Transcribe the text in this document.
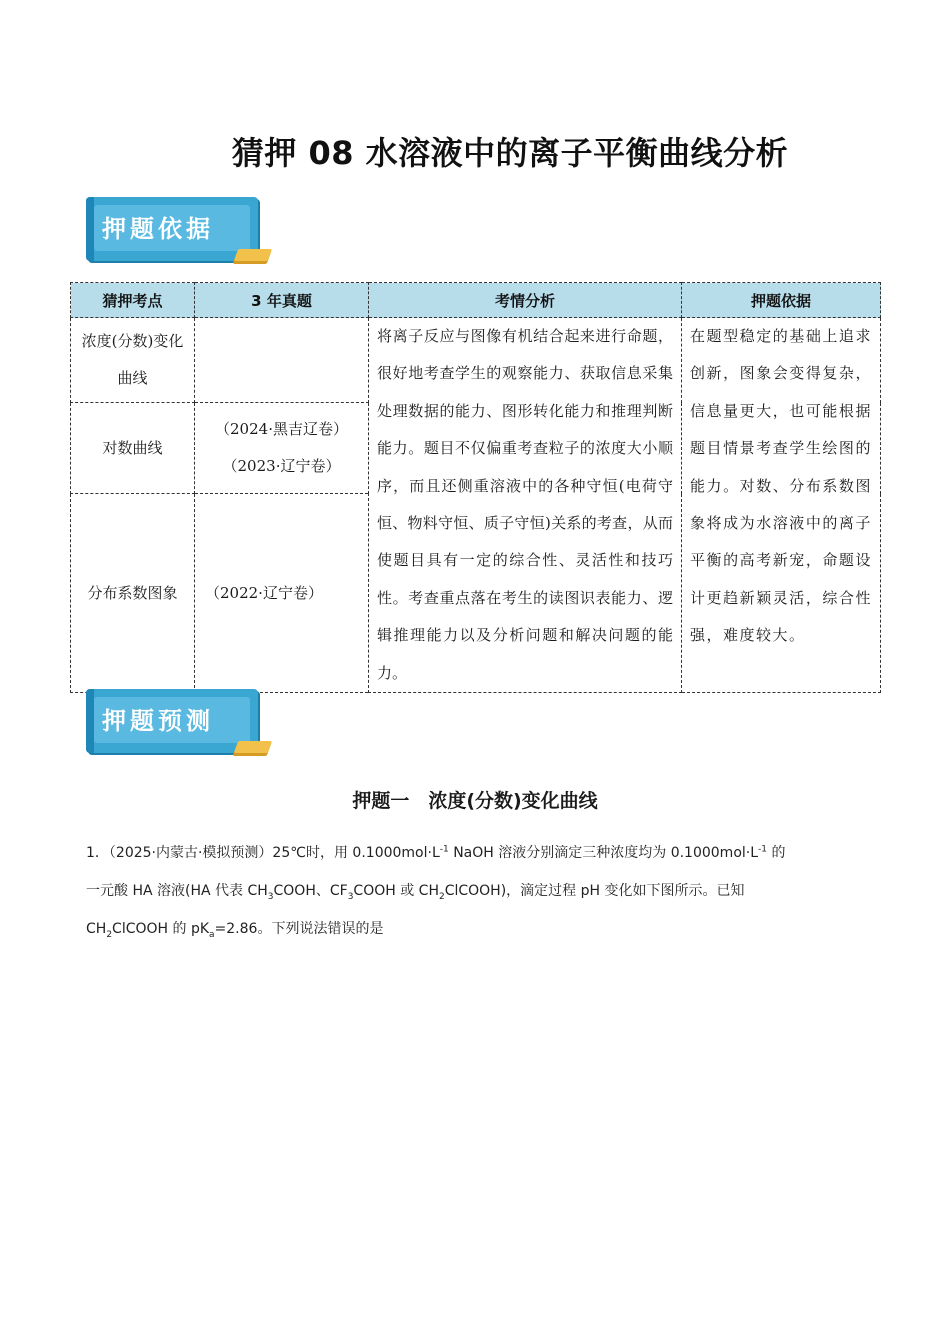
猜押 08 水溶液中的离子平衡曲线分析
押题依据
猜押考点	3 年真题	考情分析	押题依据
浓度(分数)变化曲线		将离子反应与图像有机结合起来进行命题，很好地考查学生的观察能力、获取信息采集处理数据的能力、图形转化能力和推理判断能力。题目不仅偏重考查粒子的浓度大小顺序，而且还侧重溶液中的各种守恒(电荷守恒、物料守恒、质子守恒)关系的考查，从而使题目具有一定的综合性、灵活性和技巧性。考查重点落在考生的读图识表能力、逻辑推理能力以及分析问题和解决问题的能力。	在题型稳定的基础上追求创新，图象会变得复杂，信息量更大，也可能根据题目情景考查学生绘图的能力。对数、分布系数图象将成为水溶液中的离子平衡的高考新宠，命题设计更趋新颖灵活，综合性强，难度较大。
对数曲线	（2024·黑吉辽卷）
（2023·辽宁卷）		

分布系数图象	（2022·辽宁卷）		
押题预测
押题一　浓度(分数)变化曲线
1．（2025·内蒙古·模拟预测）25℃时，用 $0.1000mol\cdot L^{-1}$ NaOH 溶液分别滴定三种浓度均为 $0.1000mol\cdot L^{-1}$ 的
一元酸 HA 溶液(HA 代表 $CH_3COOH$、$CF_3COOH$ 或 $CH_2ClCOOH$)，滴定过程 pH 变化如下图所示。已知
$CH_2ClCOOH$ 的 $pK_a=2.86$。下列说法错误的是
